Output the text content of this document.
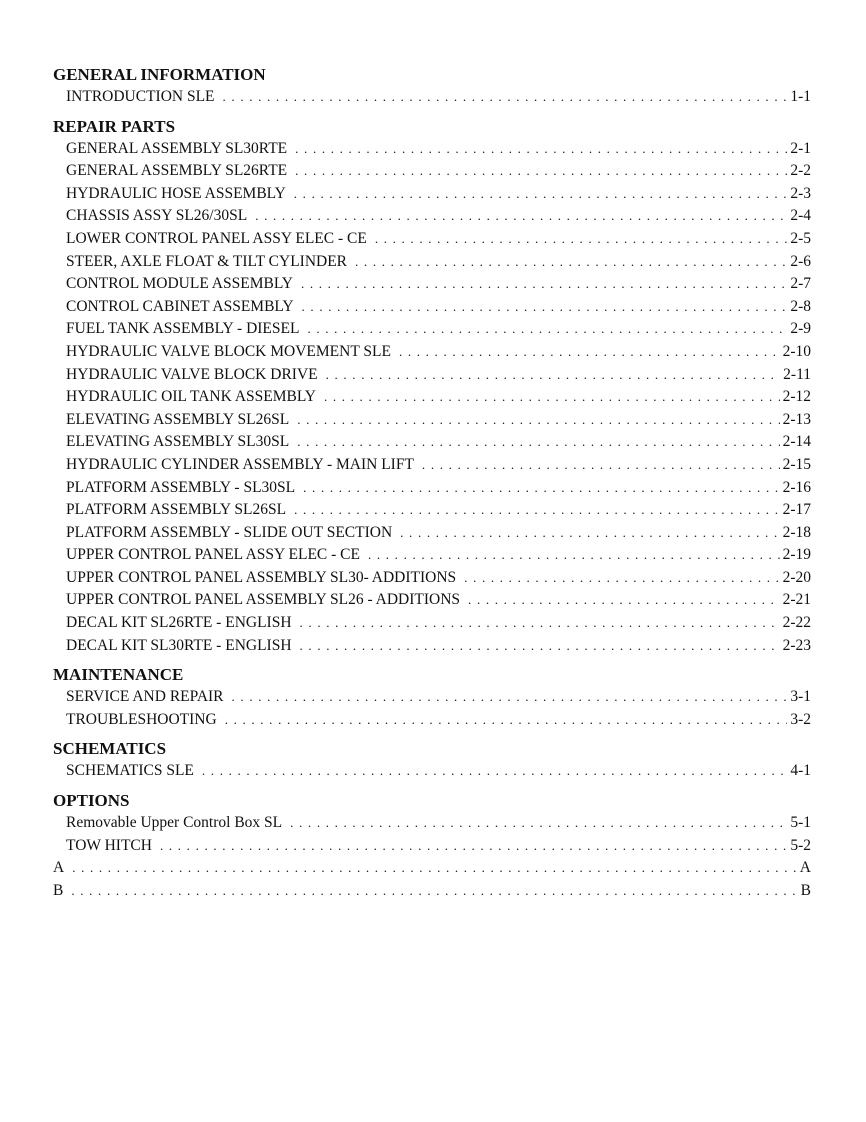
GENERAL INFORMATION
INTRODUCTION SLE . . .	1-1
REPAIR PARTS
GENERAL ASSEMBLY SL30RTE . . .	2-1
GENERAL ASSEMBLY SL26RTE . . .	2-2
HYDRAULIC HOSE ASSEMBLY . . .	2-3
CHASSIS ASSY SL26/30SL . . .	2-4
LOWER CONTROL PANEL ASSY ELEC - CE . . .	2-5
STEER, AXLE FLOAT & TILT CYLINDER . . .	2-6
CONTROL MODULE ASSEMBLY . . .	2-7
CONTROL CABINET ASSEMBLY . . .	2-8
FUEL TANK ASSEMBLY - DIESEL . . .	2-9
HYDRAULIC VALVE BLOCK MOVEMENT SLE . . .	2-10
HYDRAULIC VALVE BLOCK DRIVE . . .	2-11
HYDRAULIC OIL TANK ASSEMBLY . . .	2-12
ELEVATING ASSEMBLY SL26SL . . .	2-13
ELEVATING ASSEMBLY SL30SL . . .	2-14
HYDRAULIC CYLINDER ASSEMBLY - MAIN LIFT . . .	2-15
PLATFORM ASSEMBLY - SL30SL . . .	2-16
PLATFORM ASSEMBLY SL26SL . . .	2-17
PLATFORM ASSEMBLY - SLIDE OUT SECTION . . .	2-18
UPPER CONTROL PANEL ASSY ELEC - CE . . .	2-19
UPPER CONTROL PANEL ASSEMBLY SL30- ADDITIONS . . .	2-20
UPPER CONTROL PANEL ASSEMBLY SL26 - ADDITIONS . . .	2-21
DECAL KIT SL26RTE - ENGLISH . . .	2-22
DECAL KIT SL30RTE - ENGLISH . . .	2-23
MAINTENANCE
SERVICE AND REPAIR . . .	3-1
TROUBLESHOOTING . . .	3-2
SCHEMATICS
SCHEMATICS SLE . . .	4-1
OPTIONS
Removable Upper Control Box SL . . .	5-1
TOW HITCH . . .	5-2
A . . .	A
B . . .	B
